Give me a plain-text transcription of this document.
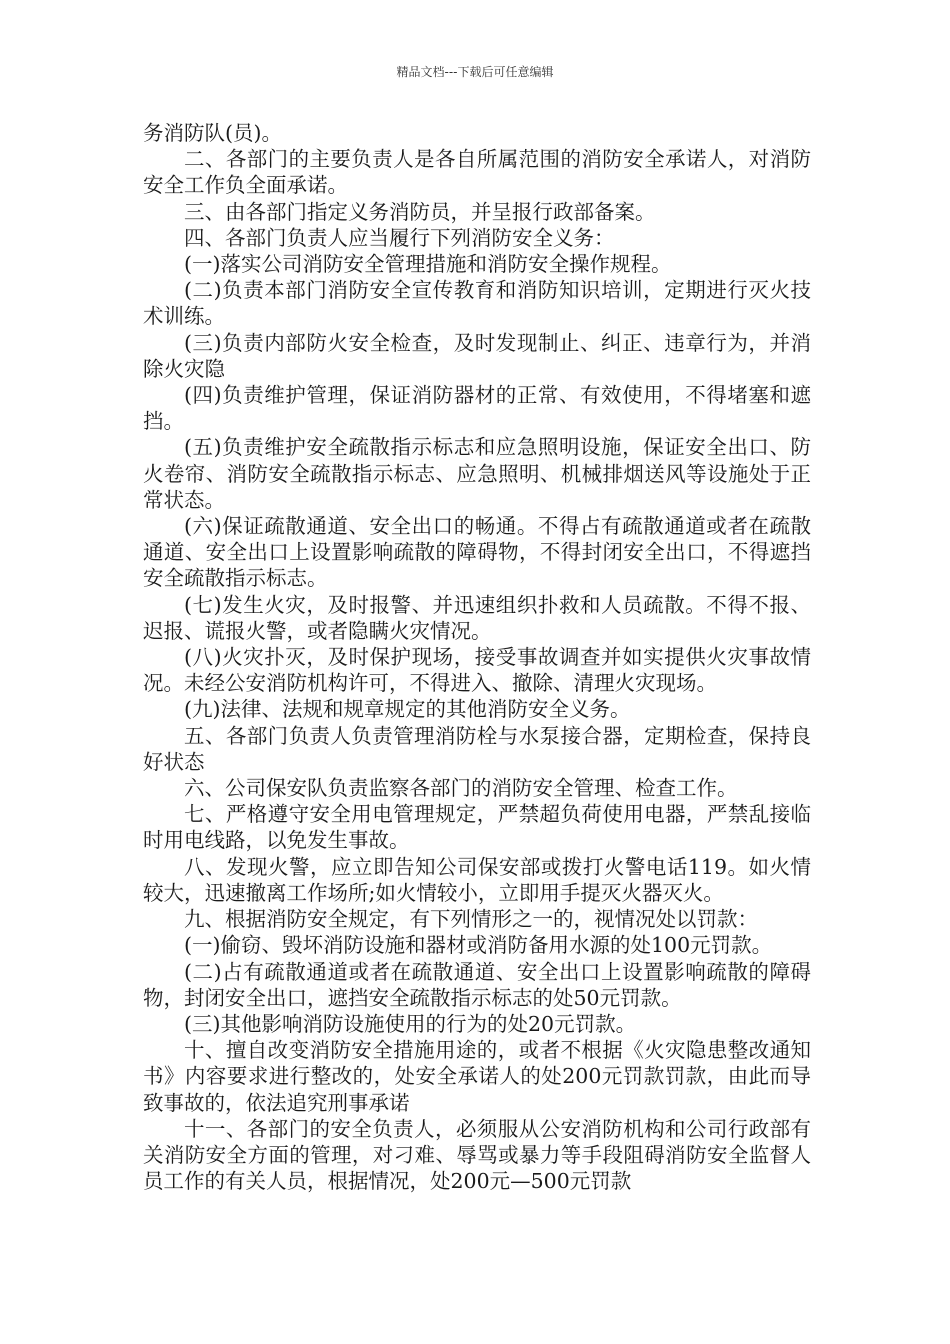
精品文档---下载后可任意编辑

务消防队(员)。

二、各部门的主要负责人是各自所属范围的消防安全承诺人，对消防安全工作负全面承诺。

三、由各部门指定义务消防员，并呈报行政部备案。

四、各部门负责人应当履行下列消防安全义务：

(一)落实公司消防安全管理措施和消防安全操作规程。

(二)负责本部门消防安全宣传教育和消防知识培训，定期进行灭火技术训练。

(三)负责内部防火安全检查，及时发现制止、纠正、违章行为，并消除火灾隐

(四)负责维护管理，保证消防器材的正常、有效使用，不得堵塞和遮挡。

(五)负责维护安全疏散指示标志和应急照明设施，保证安全出口、防火卷帘、消防安全疏散指示标志、应急照明、机械排烟送风等设施处于正常状态。

(六)保证疏散通道、安全出口的畅通。不得占有疏散通道或者在疏散通道、安全出口上设置影响疏散的障碍物，不得封闭安全出口，不得遮挡安全疏散指示标志。

(七)发生火灾，及时报警、并迅速组织扑救和人员疏散。不得不报、迟报、谎报火警，或者隐瞒火灾情况。

(八)火灾扑灭，及时保护现场，接受事故调查并如实提供火灾事故情况。未经公安消防机构许可，不得进入、撤除、清理火灾现场。

(九)法律、法规和规章规定的其他消防安全义务。

五、各部门负责人负责管理消防栓与水泵接合器，定期检查，保持良好状态

六、公司保安队负责监察各部门的消防安全管理、检查工作。

七、严格遵守安全用电管理规定，严禁超负荷使用电器，严禁乱接临时用电线路，以免发生事故。

八、发现火警，应立即告知公司保安部或拨打火警电话119。如火情较大，迅速撤离工作场所;如火情较小，立即用手提灭火器灭火。

九、根据消防安全规定，有下列情形之一的，视情况处以罚款：

(一)偷窃、毁坏消防设施和器材或消防备用水源的处100元罚款。

(二)占有疏散通道或者在疏散通道、安全出口上设置影响疏散的障碍物，封闭安全出口，遮挡安全疏散指示标志的处50元罚款。

(三)其他影响消防设施使用的行为的处20元罚款。

十、擅自改变消防安全措施用途的，或者不根据《火灾隐患整改通知书》内容要求进行整改的，处安全承诺人的处200元罚款罚款，由此而导致事故的，依法追究刑事承诺

十一、各部门的安全负责人，必须服从公安消防机构和公司行政部有关消防安全方面的管理，对刁难、辱骂或暴力等手段阻碍消防安全监督人员工作的有关人员，根据情况，处200元—500元罚款
